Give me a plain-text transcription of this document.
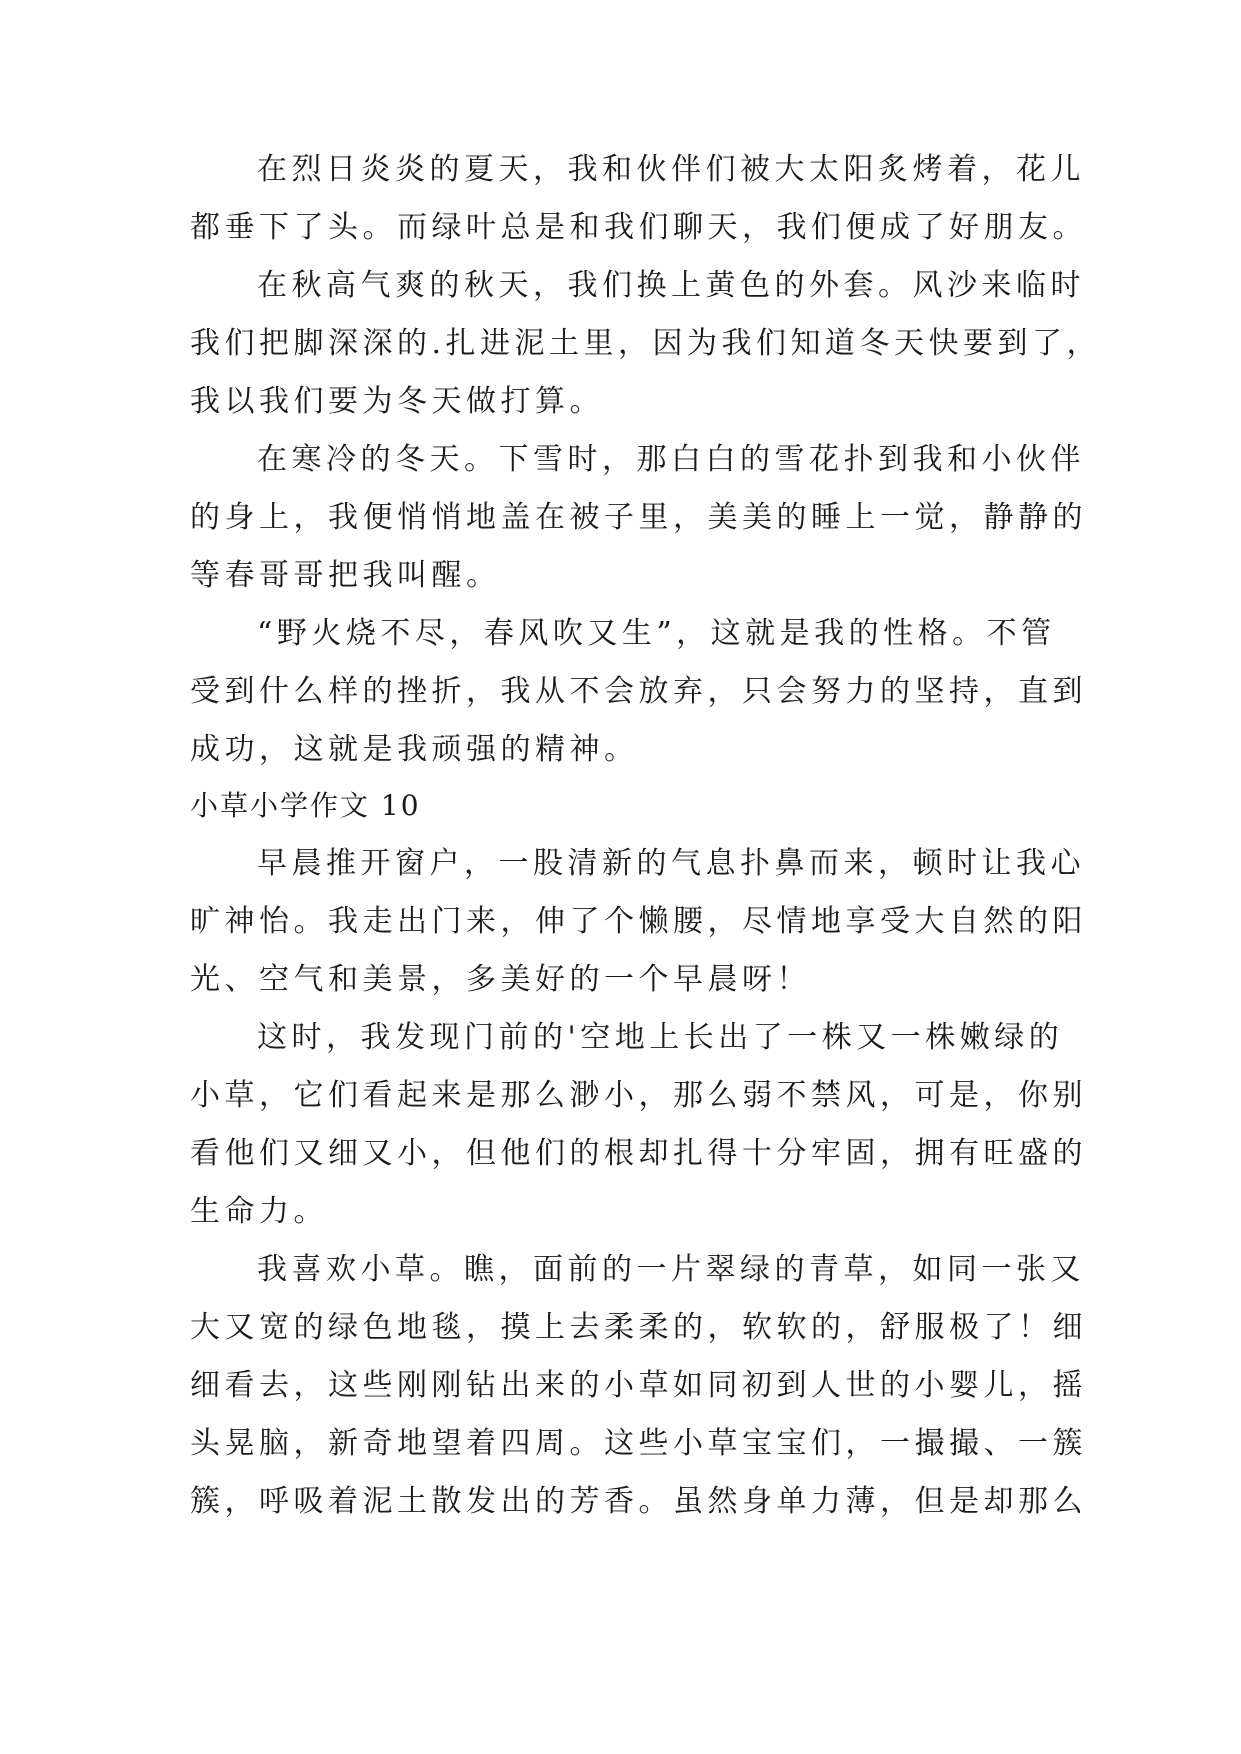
在烈日炎炎的夏天，我和伙伴们被大太阳炙烤着，花儿
都垂下了头。而绿叶总是和我们聊天，我们便成了好朋友。
在秋高气爽的秋天，我们换上黄色的外套。风沙来临时
我们把脚深深的.扎进泥土里，因为我们知道冬天快要到了，
我以我们要为冬天做打算。
在寒冷的冬天。下雪时，那白白的雪花扑到我和小伙伴
的身上，我便悄悄地盖在被子里，美美的睡上一觉，静静的
等春哥哥把我叫醒。
“野火烧不尽，春风吹又生”，这就是我的性格。不管
受到什么样的挫折，我从不会放弃，只会努力的坚持，直到
成功，这就是我顽强的精神。
小草小学作文 10
早晨推开窗户，一股清新的气息扑鼻而来，顿时让我心
旷神怡。我走出门来，伸了个懒腰，尽情地享受大自然的阳
光、空气和美景，多美好的一个早晨呀！
这时，我发现门前的'空地上长出了一株又一株嫩绿的
小草，它们看起来是那么渺小，那么弱不禁风，可是，你别
看他们又细又小，但他们的根却扎得十分牢固，拥有旺盛的
生命力。
我喜欢小草。瞧，面前的一片翠绿的青草，如同一张又
大又宽的绿色地毯，摸上去柔柔的，软软的，舒服极了！细
细看去，这些刚刚钻出来的小草如同初到人世的小婴儿，摇
头晃脑，新奇地望着四周。这些小草宝宝们，一撮撮、一簇
簇，呼吸着泥土散发出的芳香。虽然身单力薄，但是却那么
